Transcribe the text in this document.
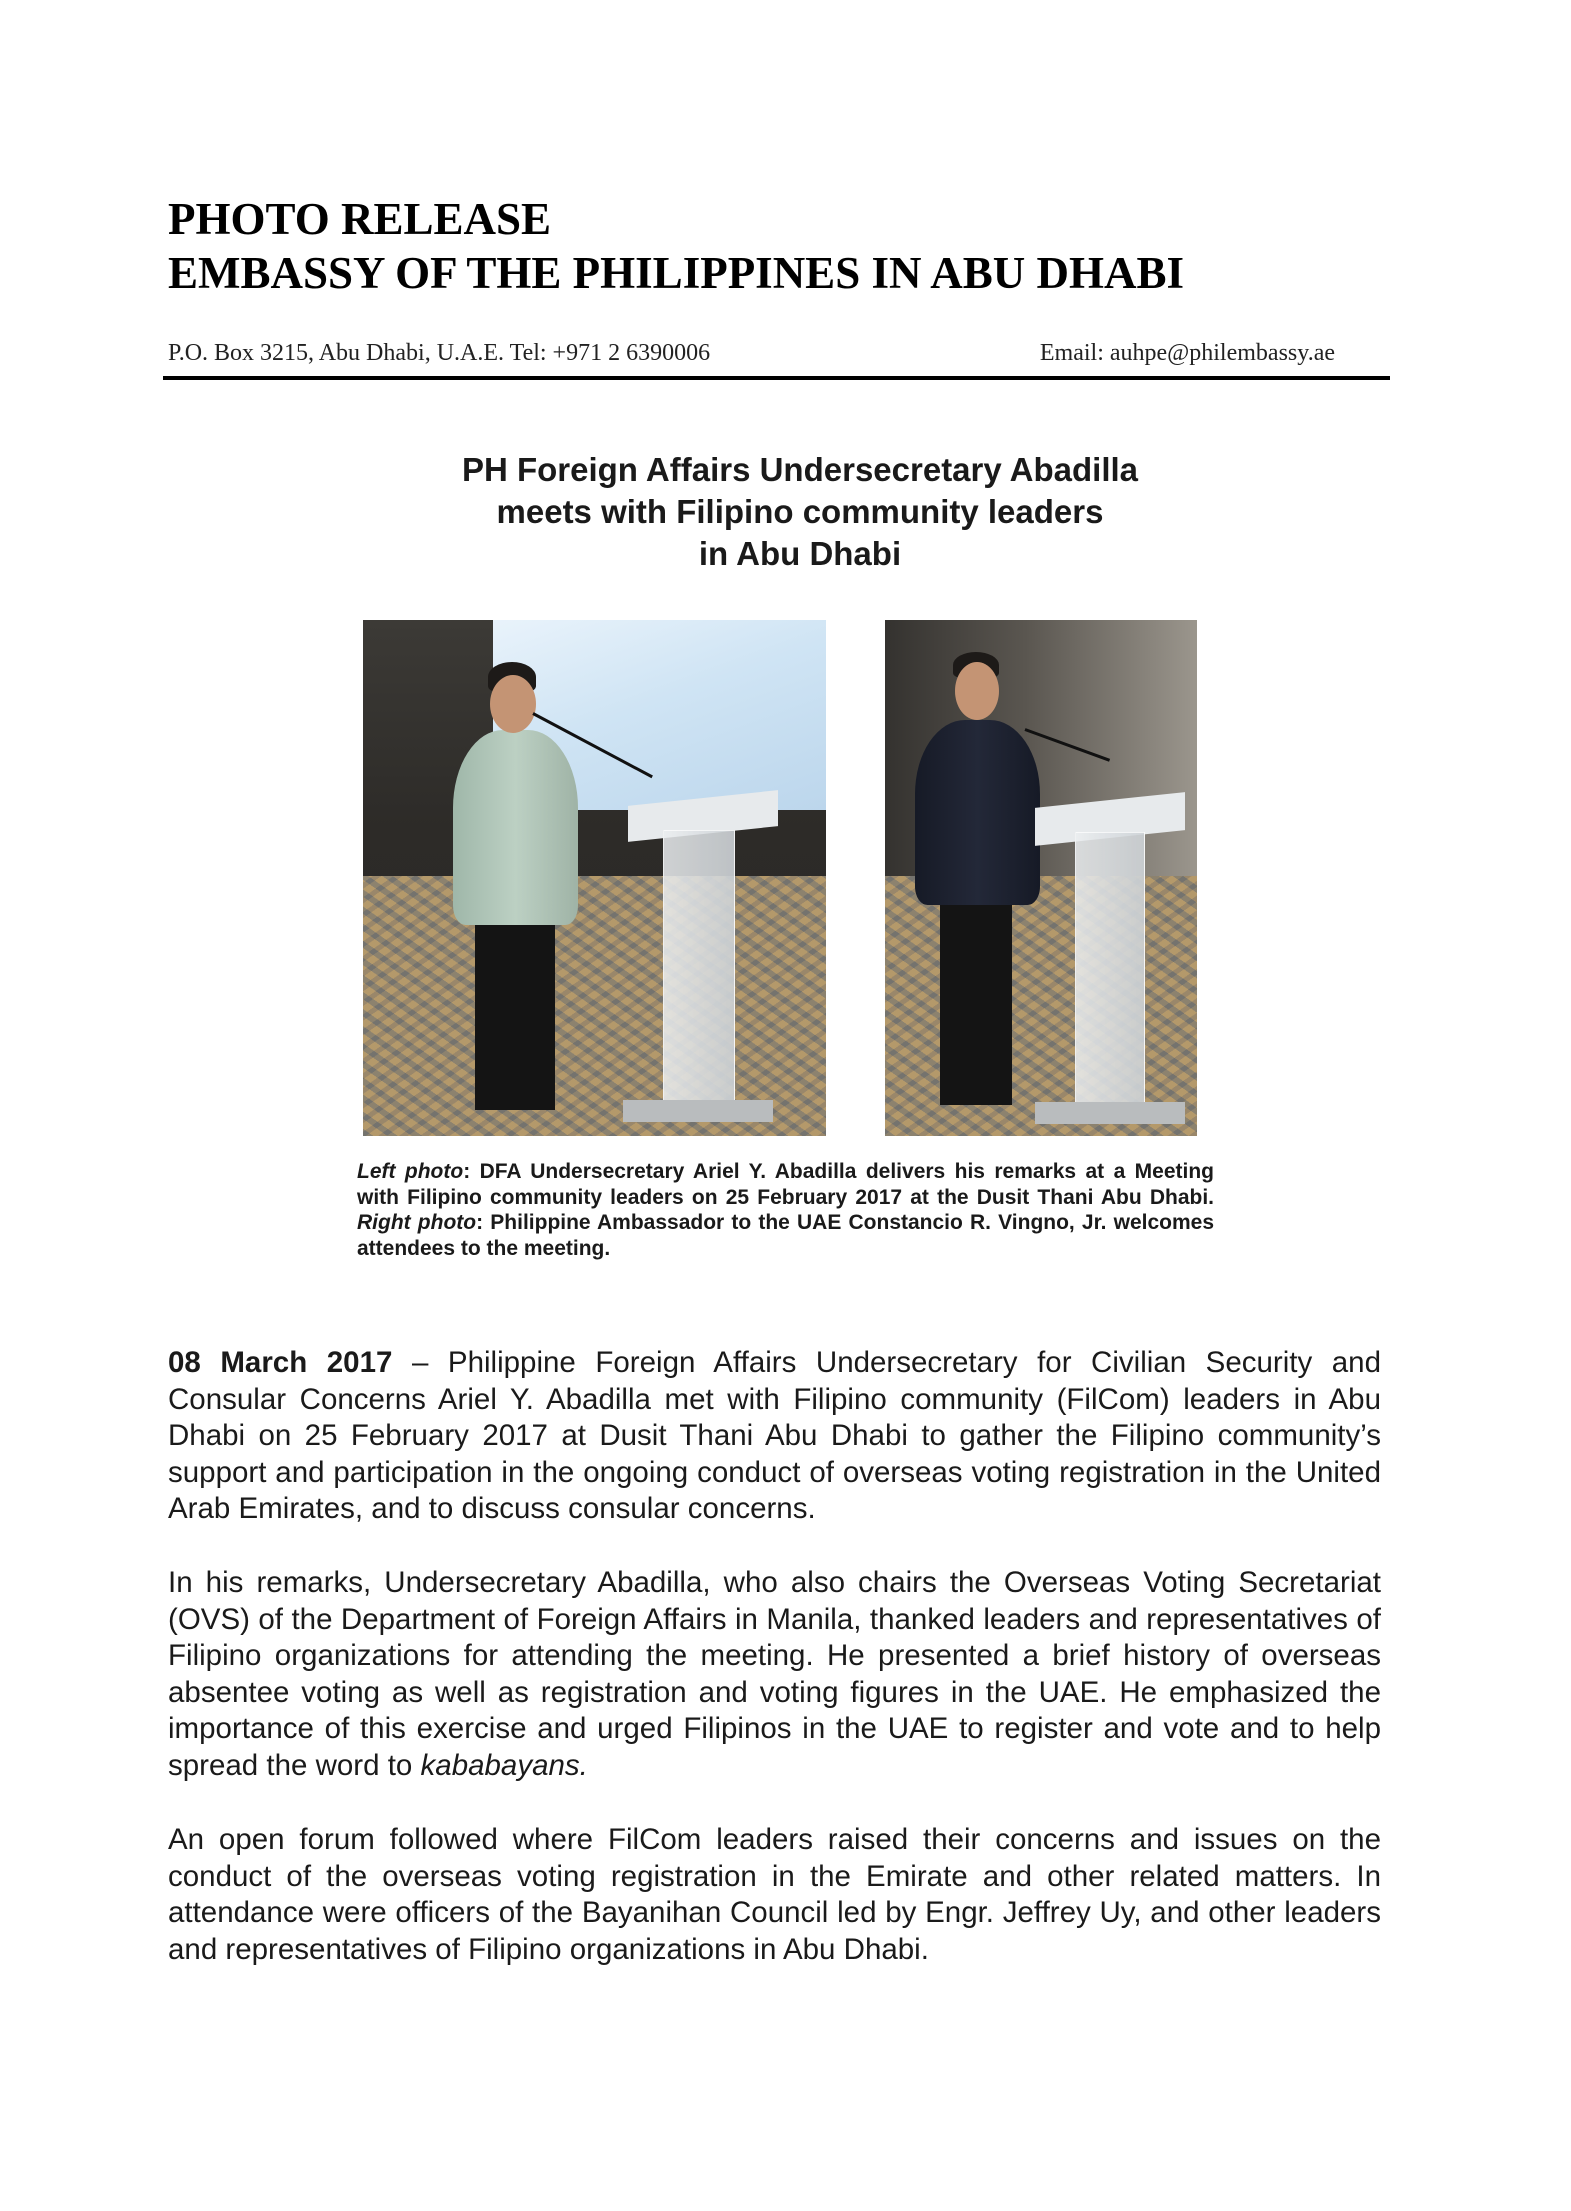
PHOTO RELEASE
EMBASSY OF THE PHILIPPINES IN ABU DHABI
P.O. Box 3215, Abu Dhabi, U.A.E. Tel: +971 2 6390006	Email: auhpe@philembassy.ae
PH Foreign Affairs Undersecretary Abadilla
meets with Filipino community leaders
in Abu Dhabi
Left photo: DFA Undersecretary Ariel Y. Abadilla delivers his remarks at a Meeting with Filipino community leaders on 25 February 2017 at the Dusit Thani Abu Dhabi. Right photo: Philippine Ambassador to the UAE Constancio R. Vingno, Jr. welcomes attendees to the meeting.
08 March 2017 – Philippine Foreign Affairs Undersecretary for Civilian Security and Consular Concerns Ariel Y. Abadilla met with Filipino community (FilCom) leaders in Abu Dhabi on 25 February 2017 at Dusit Thani Abu Dhabi to gather the Filipino community’s support and participation in the ongoing conduct of overseas voting registration in the United Arab Emirates, and to discuss consular concerns.
In his remarks, Undersecretary Abadilla, who also chairs the Overseas Voting Secretariat (OVS) of the Department of Foreign Affairs in Manila, thanked leaders and representatives of Filipino organizations for attending the meeting. He presented a brief history of overseas absentee voting as well as registration and voting figures in the UAE. He emphasized the importance of this exercise and urged Filipinos in the UAE to register and vote and to help spread the word to kababayans.
An open forum followed where FilCom leaders raised their concerns and issues on the conduct of the overseas voting registration in the Emirate and other related matters. In attendance were officers of the Bayanihan Council led by Engr. Jeffrey Uy, and other leaders and representatives of Filipino organizations in Abu Dhabi.
